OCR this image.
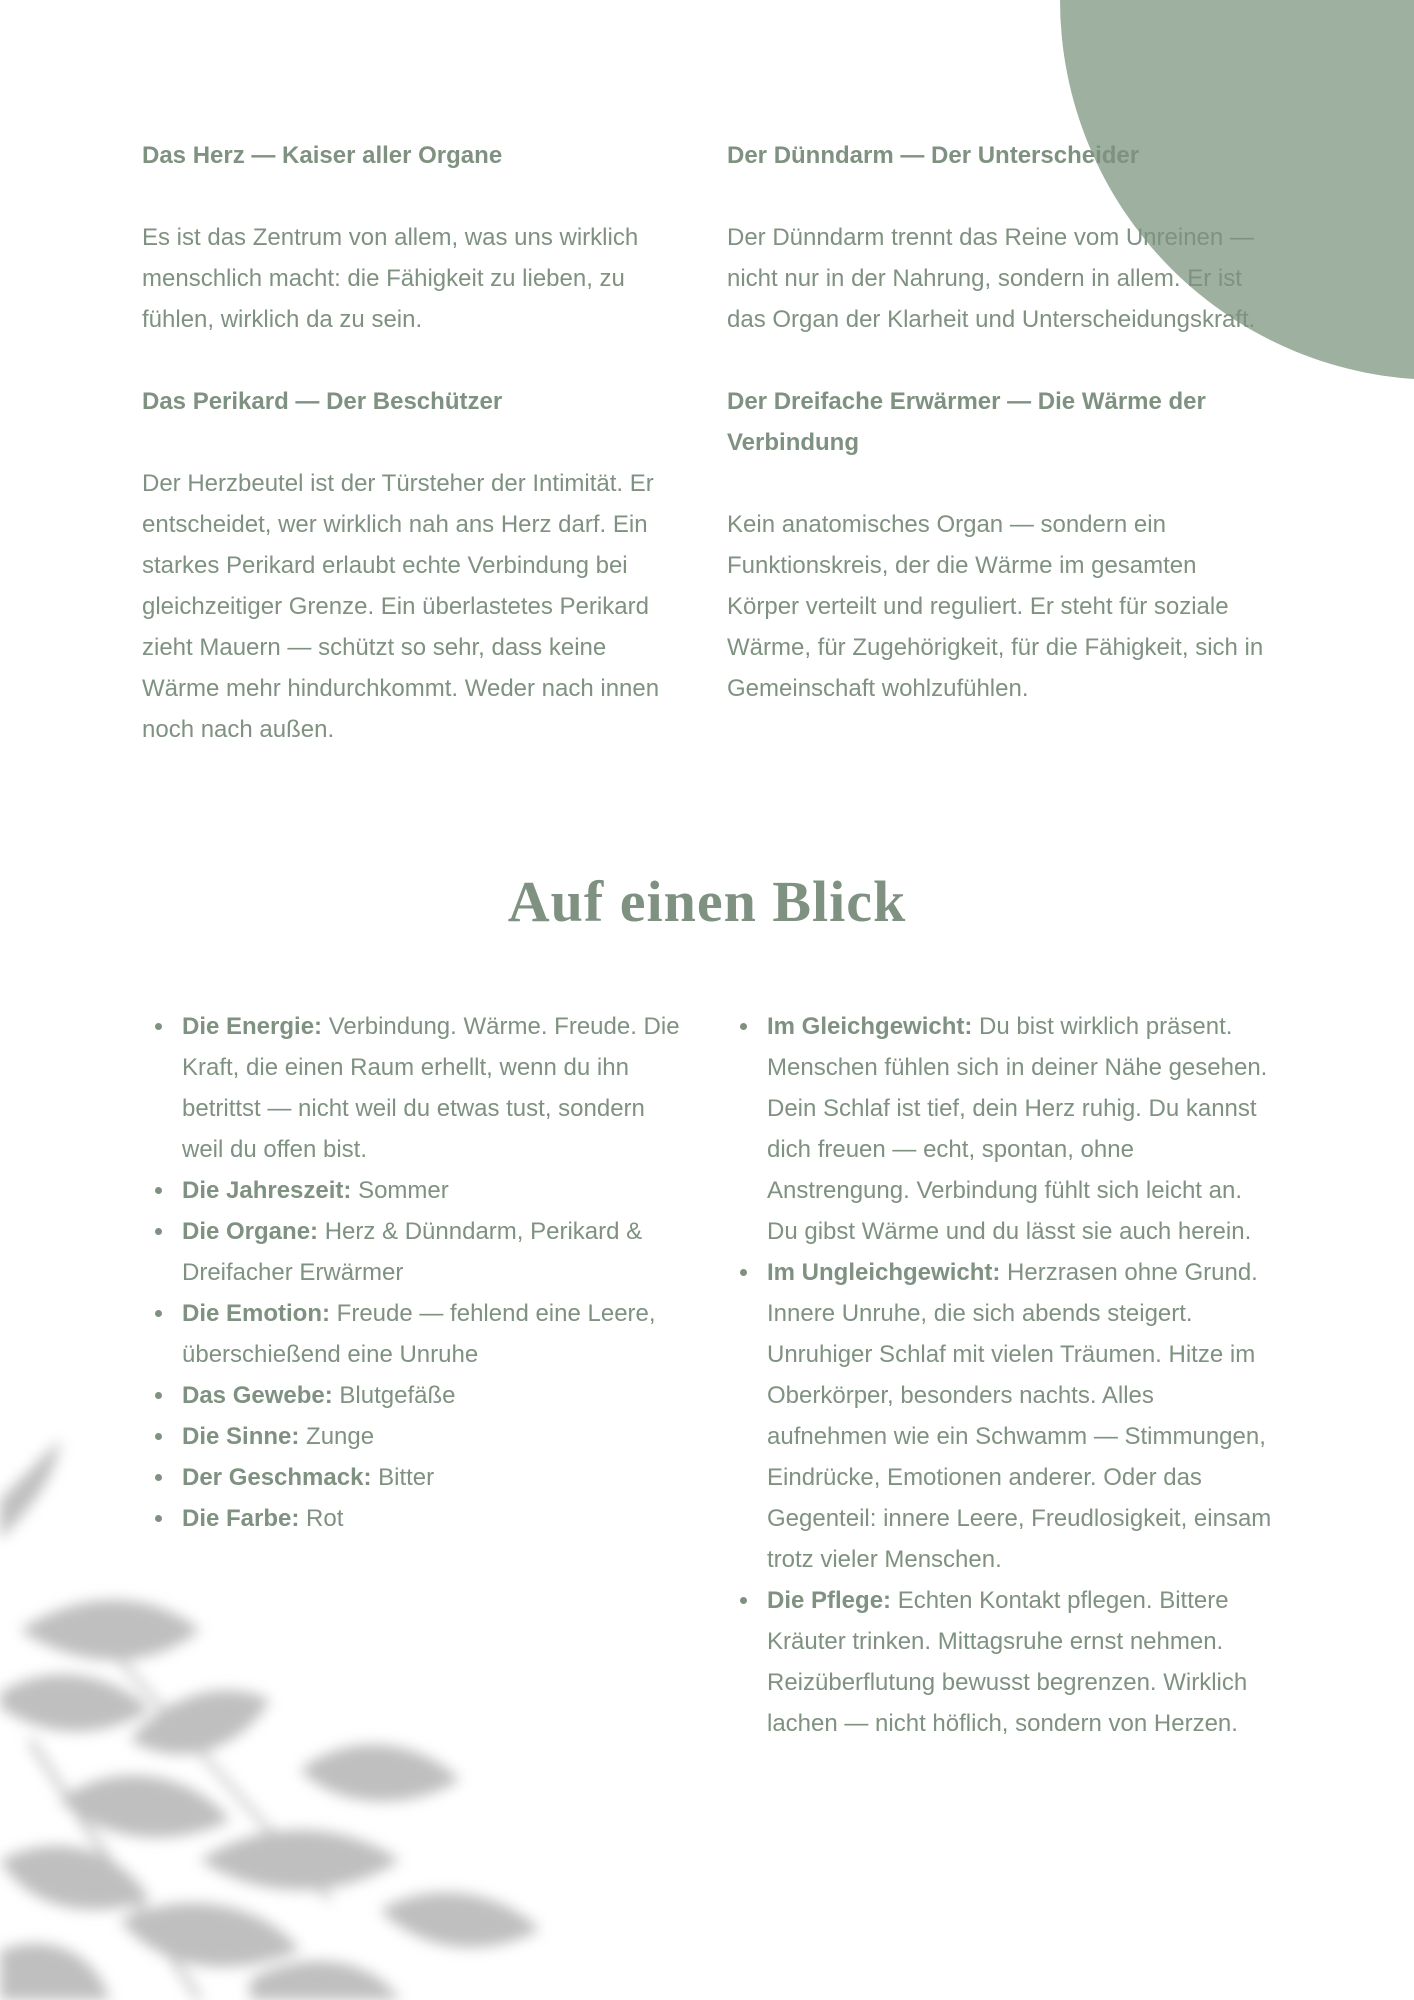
Das Herz — Kaiser aller Organe

Es ist das Zentrum von allem, was uns wirklich menschlich macht: die Fähigkeit zu lieben, zu fühlen, wirklich da zu sein.

Das Perikard — Der Beschützer

Der Herzbeutel ist der Türsteher der Intimität. Er entscheidet, wer wirklich nah ans Herz darf. Ein starkes Perikard erlaubt echte Verbindung bei gleichzeitiger Grenze. Ein überlastetes Perikard zieht Mauern — schützt so sehr, dass keine Wärme mehr hindurchkommt. Weder nach innen noch nach außen.

Der Dünndarm — Der Unterscheider

Der Dünndarm trennt das Reine vom Unreinen — nicht nur in der Nahrung, sondern in allem. Er ist das Organ der Klarheit und Unterscheidungskraft.

Der Dreifache Erwärmer — Die Wärme der Verbindung

Kein anatomisches Organ — sondern ein Funktionskreis, der die Wärme im gesamten Körper verteilt und reguliert. Er steht für soziale Wärme, für Zugehörigkeit, für die Fähigkeit, sich in Gemeinschaft wohlzufühlen.

Auf einen Blick
Die Energie: Verbindung. Wärme. Freude. Die Kraft, die einen Raum erhellt, wenn du ihn betrittst — nicht weil du etwas tust, sondern weil du offen bist.
Die Jahreszeit: Sommer
Die Organe: Herz & Dünndarm, Perikard & Dreifacher Erwärmer
Die Emotion: Freude — fehlend eine Leere, überschießend eine Unruhe
Das Gewebe: Blutgefäße
Die Sinne: Zunge
Der Geschmack: Bitter
Die Farbe: Rot
Im Gleichgewicht: Du bist wirklich präsent. Menschen fühlen sich in deiner Nähe gesehen. Dein Schlaf ist tief, dein Herz ruhig. Du kannst dich freuen — echt, spontan, ohne Anstrengung. Verbindung fühlt sich leicht an. Du gibst Wärme und du lässt sie auch herein.
Im Ungleichgewicht: Herzrasen ohne Grund. Innere Unruhe, die sich abends steigert. Unruhiger Schlaf mit vielen Träumen. Hitze im Oberkörper, besonders nachts. Alles aufnehmen wie ein Schwamm — Stimmungen, Eindrücke, Emotionen anderer. Oder das Gegenteil: innere Leere, Freudlosigkeit, einsam trotz vieler Menschen.
Die Pflege: Echten Kontakt pflegen. Bittere Kräuter trinken. Mittagsruhe ernst nehmen. Reizüberflutung bewusst begrenzen. Wirklich lachen — nicht höflich, sondern von Herzen.
